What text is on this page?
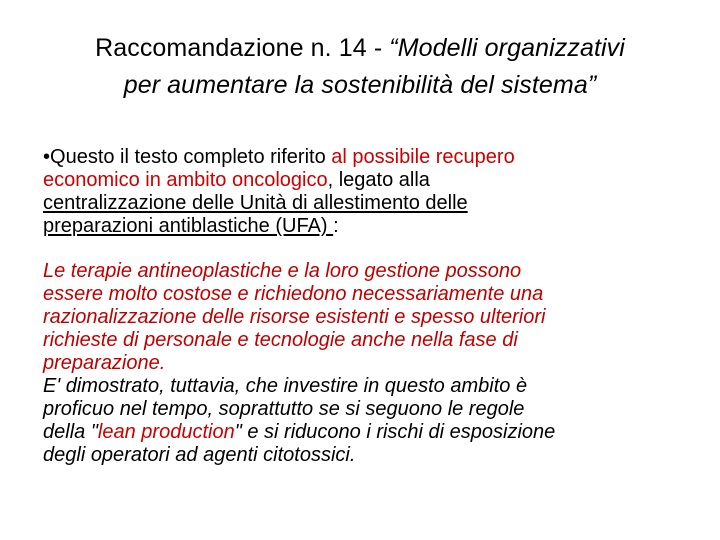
Raccomandazione n. 14 - “Modelli organizzativi
per aumentare la sostenibilità del sistema”

•Questo il testo completo riferito al possibile recupero
economico in ambito oncologico, legato alla
centralizzazione delle Unità di allestimento delle
preparazioni antiblastiche (UFA) :

Le terapie antineoplastiche e la loro gestione possono
essere molto costose e richiedono necessariamente una
razionalizzazione delle risorse esistenti e spesso ulteriori
richieste di personale e tecnologie anche nella fase di
preparazione.
E' dimostrato, tuttavia, che investire in questo ambito è
proficuo nel tempo, soprattutto se si seguono le regole
della "lean production" e si riducono i rischi di esposizione
degli operatori ad agenti citotossici.
